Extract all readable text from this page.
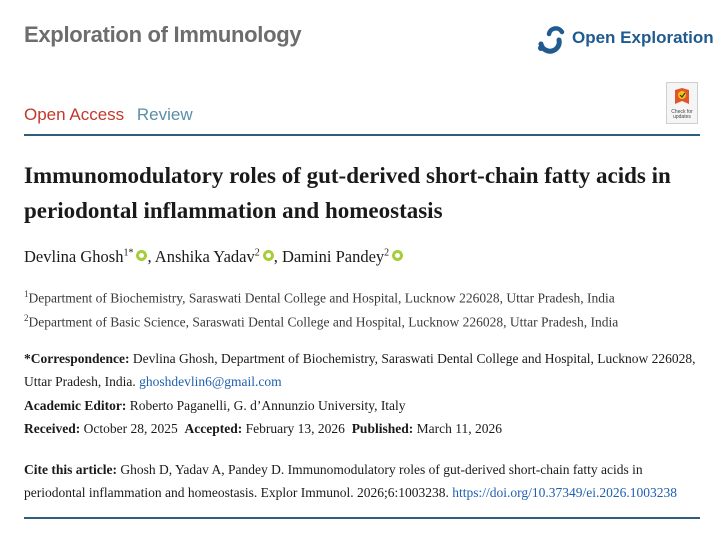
Exploration of Immunology	Open Exploration
Open Access Review	Check for
updates
Immunomodulatory roles of gut-derived short-chain fatty acids in periodontal inflammation and homeostasis
Devlina Ghosh$^{1*}$ , Anshika Yadav$^2$ , Damini Pandey$^2$
$^1$Department of Biochemistry, Saraswati Dental College and Hospital, Lucknow 226028, Uttar Pradesh, India
$^2$Department of Basic Science, Saraswati Dental College and Hospital, Lucknow 226028, Uttar Pradesh, India
*Correspondence: Devlina Ghosh, Department of Biochemistry, Saraswati Dental College and Hospital, Lucknow 226028, Uttar Pradesh, India. ghoshdevlin6@gmail.com
Academic Editor: Roberto Paganelli, G. d’Annunzio University, Italy
Received: October 28, 2025 Accepted: February 13, 2026 Published: March 11, 2026
Cite this article: Ghosh D, Yadav A, Pandey D. Immunomodulatory roles of gut-derived short-chain fatty acids in periodontal inflammation and homeostasis. Explor Immunol. 2026;6:1003238. https://doi.org/10.37349/ei.2026.1003238
